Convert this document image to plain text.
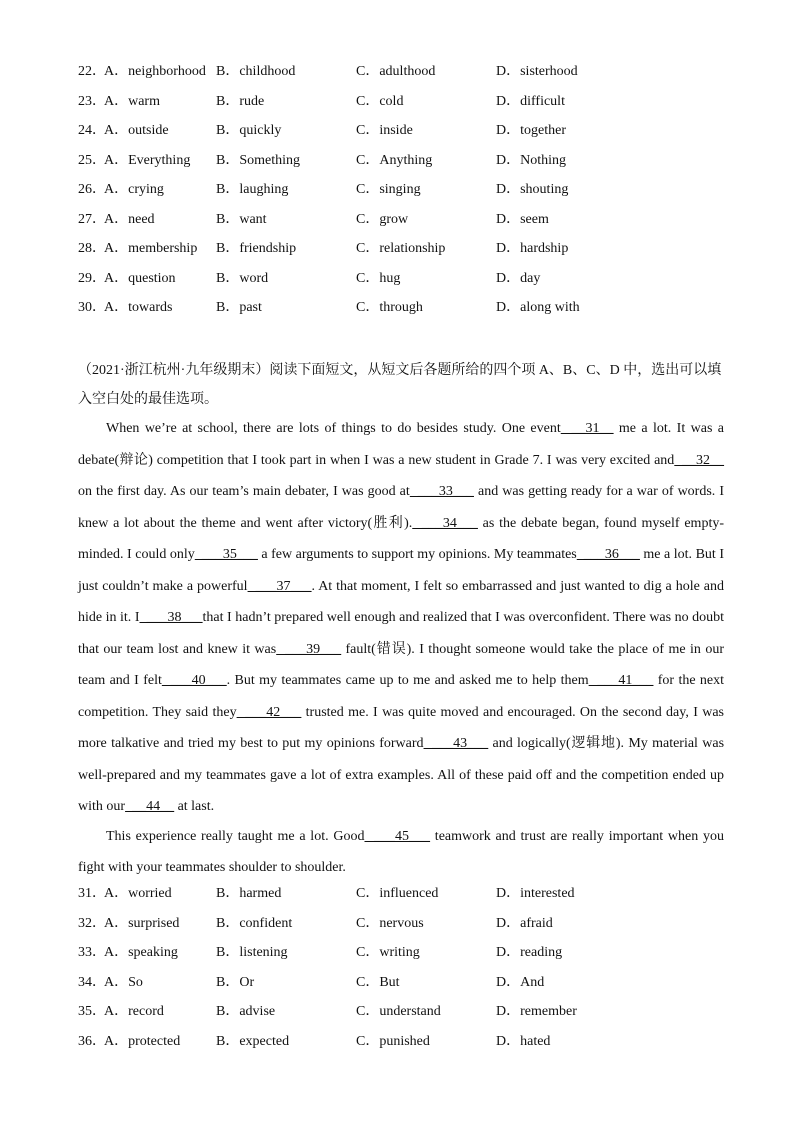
22．
A．neighborhood B．childhood	C．adulthood	D．sisterhood
23．
A．warm	B．rude	C．cold	D．difficult
24．
A．outside	B．quickly	C．inside	D．together
25．
A．Everything B．Something	C．Anything	D．Nothing
26．
A．crying	B．laughing	C．singing	D．shouting
27．
A．need	B．want	C．grow	D．seem
28．
A．membership B．friendship	C．relationship	D．hardship
29．
A．question	B．word	C．hug	D．day
30．
A．towards	B．past	C．through	D．along with

（2021·浙江杭州·九年级期末）阅读下面短文，从短文后各题所给的四个项 A、B、C、D 中，选出可以填入空白处的最佳选项。

When we’re at school, there are lots of things to do besides study. One event  __31__ me a lot. It was a debate(辩论) competition that I took part in when I was a new student in Grade 7. I was very excited and  __32__ on the first day. As our team’s main debater, I was good at  ___33___ and was getting ready for a war of words. I knew a lot about the theme and went after victory(胜利).  ___34___ as the debate began, found myself empty-minded. I could only  ___35___ a few arguments to support my opinions. My teammates  ___36___ me a lot. But I just couldn’t make a powerful  ___37___. At that moment, I felt so embarrassed and just wanted to dig a hole and hide in it. I  ___38___that I hadn’t prepared well enough and realized that I was overconfident. There was no doubt that our team lost and knew it was  ___39___ fault(错误). I thought someone would take the place of me in our team and I felt  ___40___. But my teammates came up to me and asked me to help them  ___41___ for the next competition. They said they  ___42___ trusted me. I was quite moved and encouraged. On the second day, I was more talkative and tried my best to put my opinions forward  ___43___ and logically(逻辑地). My material was well-prepared and my teammates gave a lot of extra examples. All of these paid off and the competition ended up with our  __44__ at last.

This experience really taught me a lot. Good  ___45___ teamwork and trust are really important when you fight with your teammates shoulder to shoulder.

31．
A．worried	B．harmed	C．influenced	D．interested
32．
A．surprised	B．confident	C．nervous	D．afraid
33．
A．speaking	B．listening	C．writing	D．reading
34．
A．So	B．Or	C．But	D．And
35．
A．record	B．advise	C．understand	D．remember
36．
A．protected	B．expected	C．punished	D．hated
